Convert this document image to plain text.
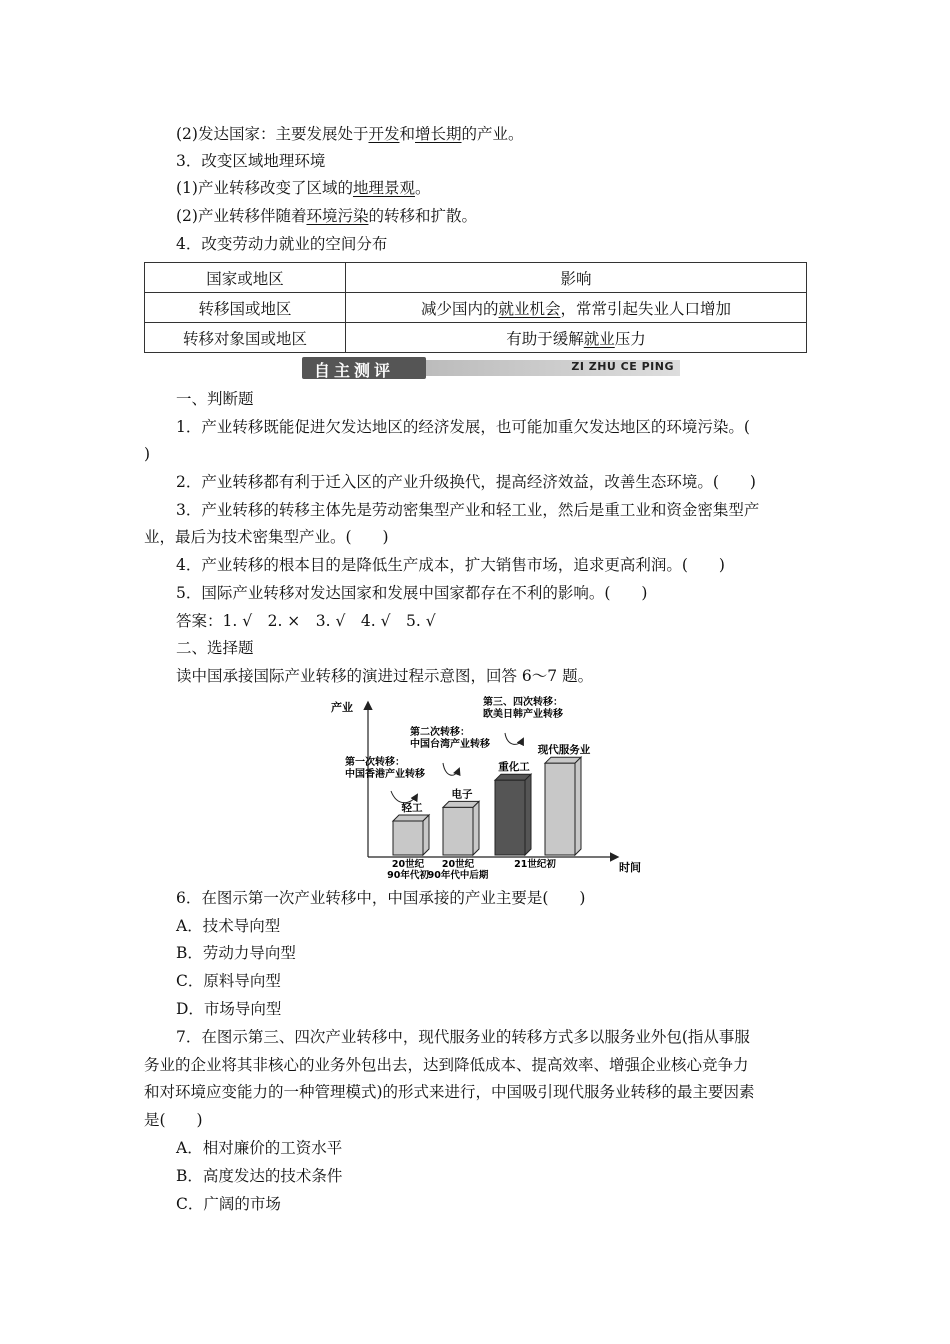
(2)发达国家：主要发展处于开发和增长期的产业。
3．改变区域地理环境
(1)产业转移改变了区域的地理景观。
(2)产业转移伴随着环境污染的转移和扩散。
4．改变劳动力就业的空间分布
国家或地区	影响
转移国或地区	减少国内的就业机会，常常引起失业人口增加
转移对象国或地区	有助于缓解就业压力
自主测评	ZI ZHU CE PING
一、判断题
1．产业转移既能促进欠发达地区的经济发展，也可能加重欠发达地区的环境污染。(
)
2．产业转移都有利于迁入区的产业升级换代，提高经济效益，改善生态环境。(　　)
3．产业转移的转移主体先是劳动密集型产业和轻工业，然后是重工业和资金密集型产
业，最后为技术密集型产业。(　　)
4．产业转移的根本目的是降低生产成本，扩大销售市场，追求更高利润。(　　)
5．国际产业转移对发达国家和发展中国家都存在不利的影响。(　　)
答案：1. √　2. ×　3. √　4. √　5. √
二、选择题
读中国承接国际产业转移的演进过程示意图，回答 6～7 题。
产业
时间
轻工
电子
重化工
现代服务业
20世纪
90年代初
20世纪
90年代中后期
21世纪初
第一次转移：
中国香港产业转移
第二次转移：
中国台湾产业转移
第三、四次转移：
欧美日韩产业转移
6．在图示第一次产业转移中，中国承接的产业主要是(　　)
A．技术导向型
B．劳动力导向型
C．原料导向型
D．市场导向型
7．在图示第三、四次产业转移中，现代服务业的转移方式多以服务业外包(指从事服
务业的企业将其非核心的业务外包出去，达到降低成本、提高效率、增强企业核心竞争力
和对环境应变能力的一种管理模式)的形式来进行，中国吸引现代服务业转移的最主要因素
是(　　)
A．相对廉价的工资水平
B．高度发达的技术条件
C．广阔的市场
